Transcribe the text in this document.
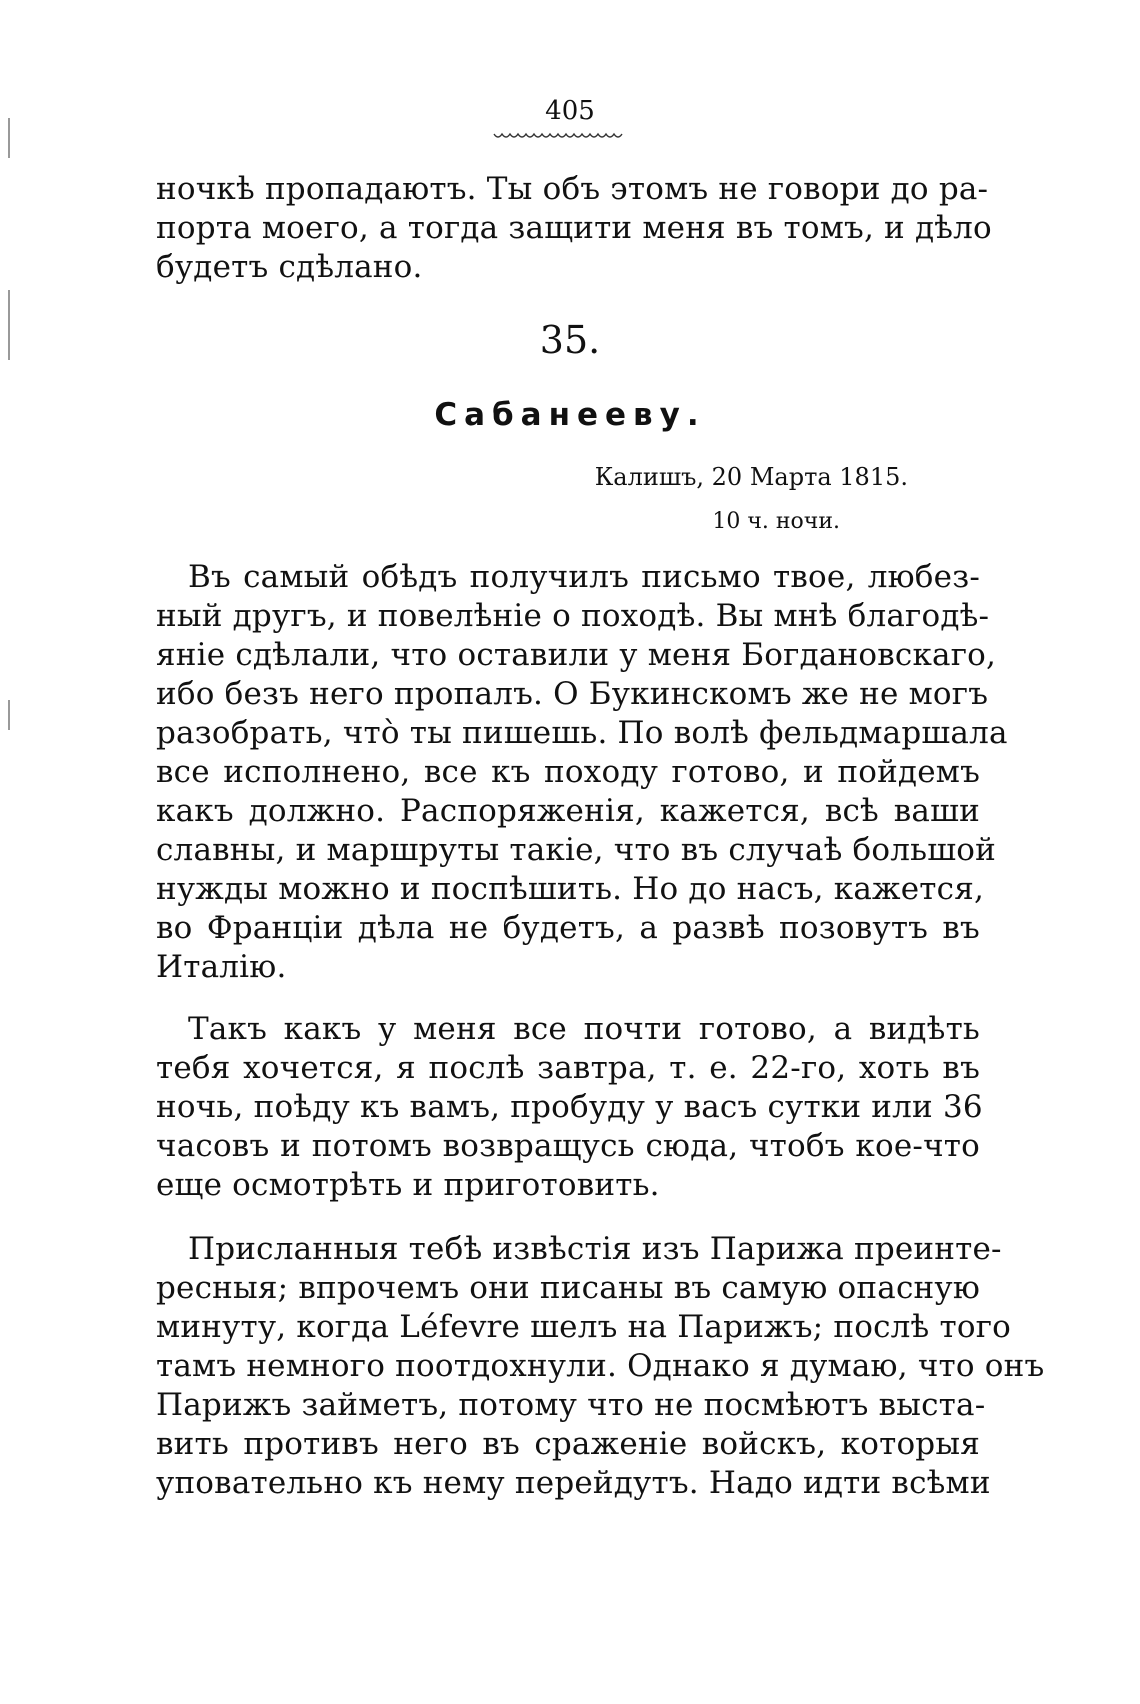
405
ночкѣ пропадаютъ. Ты объ этомъ не говори до ра-
порта моего, а тогда защити меня въ томъ, и дѣло
будетъ сдѣлано.
35.
Сабанееву.
Калишъ, 20 Марта 1815.
10 ч. ночи.
Въ самый обѣдъ получилъ письмо твое, любез-
ный другъ, и повелѣніе о походѣ. Вы мнѣ благодѣ-
яніе сдѣлали, что оставили у меня Богдановскаго,
ибо безъ него пропалъ. О Букинскомъ же не могъ
разобрать, что̀ ты пишешь. По волѣ фельдмаршала
все исполнено, все къ походу готово, и пойдемъ
какъ должно. Распоряженія, кажется, всѣ ваши
славны, и маршруты такіе, что въ случаѣ большой
нужды можно и поспѣшить. Но до насъ, кажется,
во Франціи дѣла не будетъ, а развѣ позовутъ въ
Италію.
Такъ какъ у меня все почти готово, а видѣть
тебя хочется, я послѣ завтра, т. е. 22-го, хоть въ
ночь, поѣду къ вамъ, пробуду у васъ сутки или 36
часовъ и потомъ возвращусь сюда, чтобъ кое-что
еще осмотрѣть и приготовить.
Присланныя тебѣ извѣстія изъ Парижа преинте-
ресныя; впрочемъ они писаны въ самую опасную
минуту, когда Léfevre шелъ на Парижъ; послѣ того
тамъ немного поотдохнули. Однако я думаю, что онъ
Парижъ займетъ, потому что не посмѣютъ выста-
вить противъ него въ сраженіе войскъ, которыя
уповательно къ нему перейдутъ. Надо идти всѣми
